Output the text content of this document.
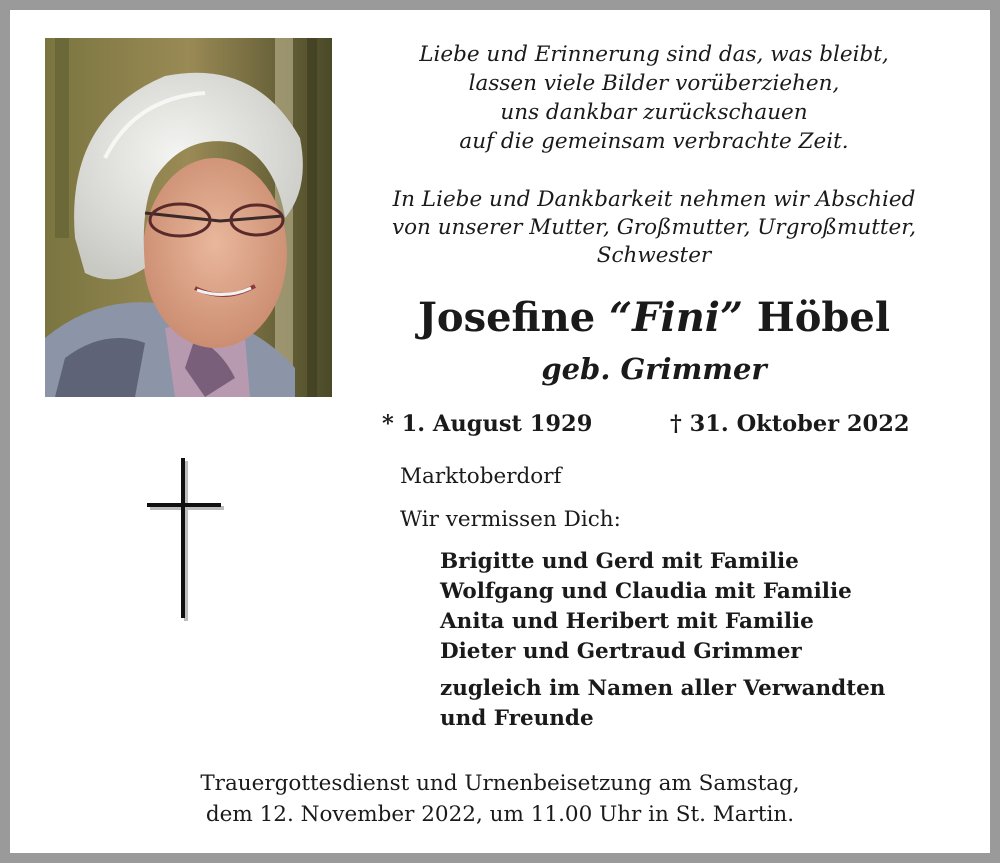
Liebe und Erinnerung sind das, was bleibt,
lassen viele Bilder vorüberziehen,
uns dankbar zurückschauen
auf die gemeinsam verbrachte Zeit.
In Liebe und Dankbarkeit nehmen wir Abschied
von unserer Mutter, Großmutter, Urgroßmutter,
Schwester
Josefine “Fini” Höbel
geb. Grimmer
* 1. August 1929	† 31. Oktober 2022
Marktoberdorf
Wir vermissen Dich:
Brigitte und Gerd mit Familie
Wolfgang und Claudia mit Familie
Anita und Heribert mit Familie
Dieter und Gertraud Grimmer
zugleich im Namen aller Verwandten
und Freunde
Trauergottesdienst und Urnenbeisetzung am Samstag,
dem 12. November 2022, um 11.00 Uhr in St. Martin.
